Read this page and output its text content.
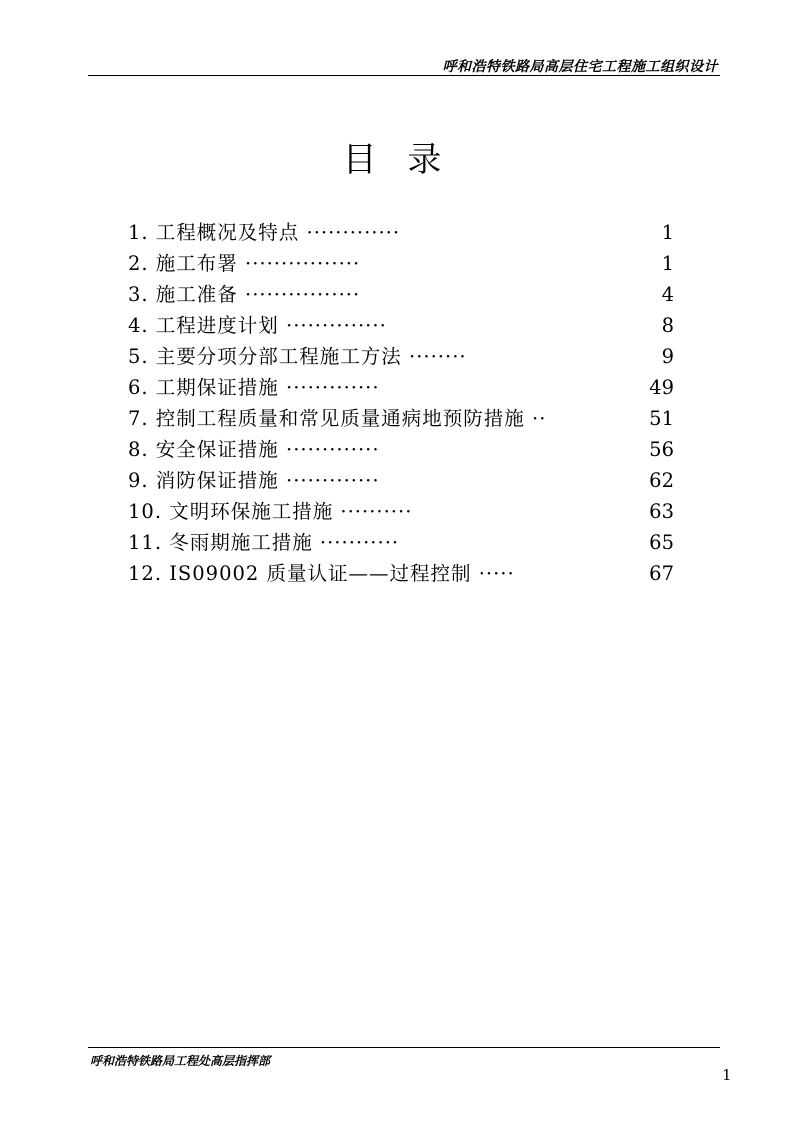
呼和浩特铁路局高层住宅工程施工组织设计
目 录
1. 工程概况及特点 ·············	1
2. 施工布署 ················	1
3. 施工准备 ················	4
4. 工程进度计划 ··············	8
5. 主要分项分部工程施工方法 ········	9
6. 工期保证措施 ·············	49
7. 控制工程质量和常见质量通病地预防措施 ··	51
8. 安全保证措施 ·············	56
9. 消防保证措施 ·············	62
10. 文明环保施工措施 ··········	63
11. 冬雨期施工措施 ···········	65
12. IS09002 质量认证——过程控制 ·····	67
呼和浩特铁路局工程处高层指挥部
1
